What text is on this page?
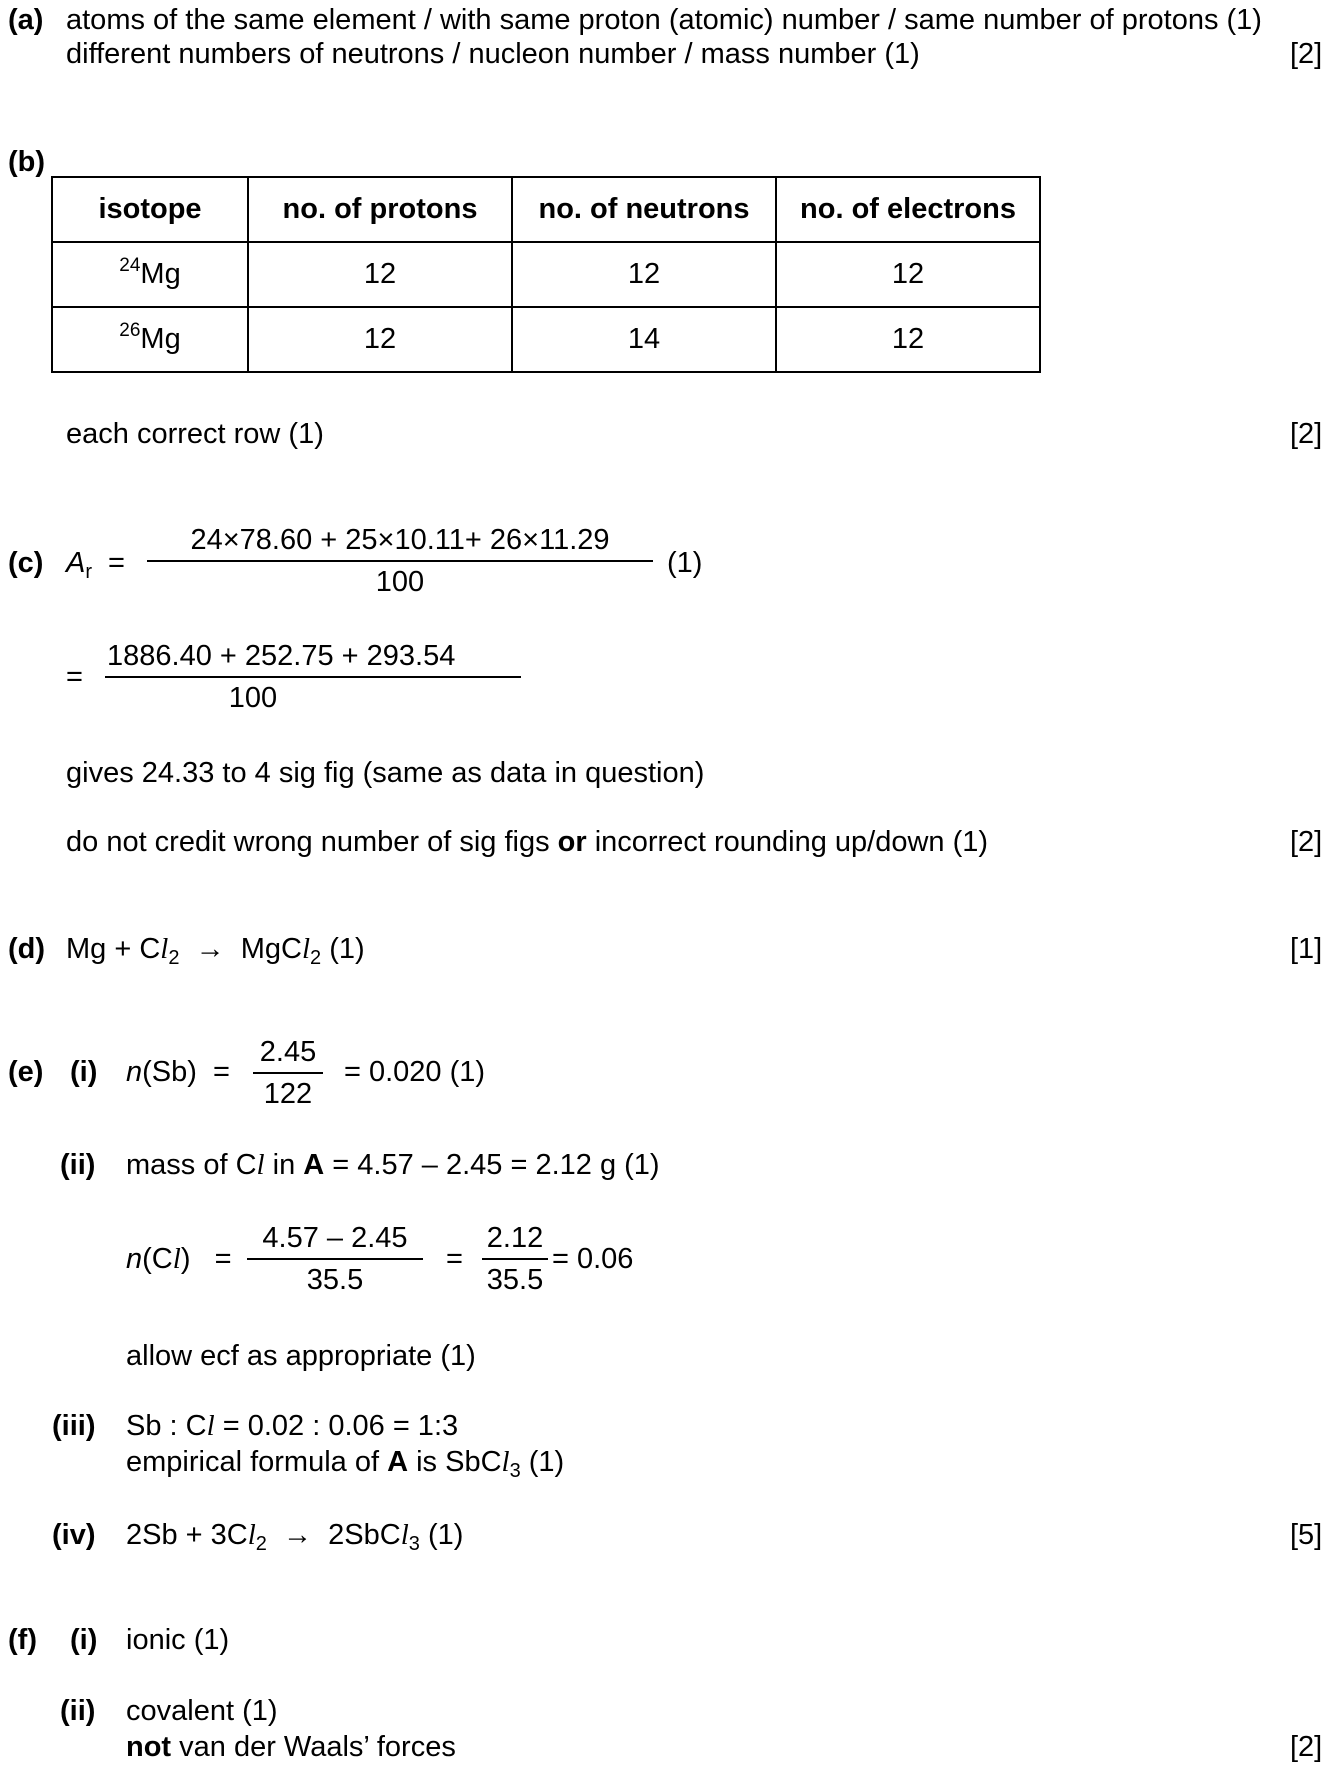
(a) atoms of the same element / with same proton (atomic) number / same number of protons (1)
different numbers of neutrons / nucleon number / mass number (1)	[2]
(b)
isotope	no. of protons	no. of neutrons	no. of electrons
$^{24}$Mg	12	12	12
$^{26}$Mg	12	14	12
each correct row (1)	[2]
(c) $A_r$ =
24×78.60 + 25×10.11+ 26×11.29
100
(1)
=
1886.40 + 252.75 + 293.54
100
gives 24.33 to 4 sig fig (same as data in question)
do not credit wrong number of sig figs or incorrect rounding up/down (1)	[2]
(d) $Mg + Cl_2$ → MgCl$_2$ (1)	[1]
(e) (i) n(Sb)  =
2.45
122
= 0.020 (1)
(ii) mass of Cl in A = 4.57 – 2.45 = 2.12 g (1)
n(Cl)   =
4.57 – 2.45
35.5
=
2.12
35.5
= 0.06
allow ecf as appropriate (1)
(iii) Sb : Cl = 0.02 : 0.06 = 1:3
empirical formula of A is SbCl$_3$ (1)
(iv) $2Sb + 3Cl_2$ → 2SbCl$_3$ (1)	[5]
(f) (i) ionic (1)
(ii) covalent (1)
not van der Waals’ forces	[2]
